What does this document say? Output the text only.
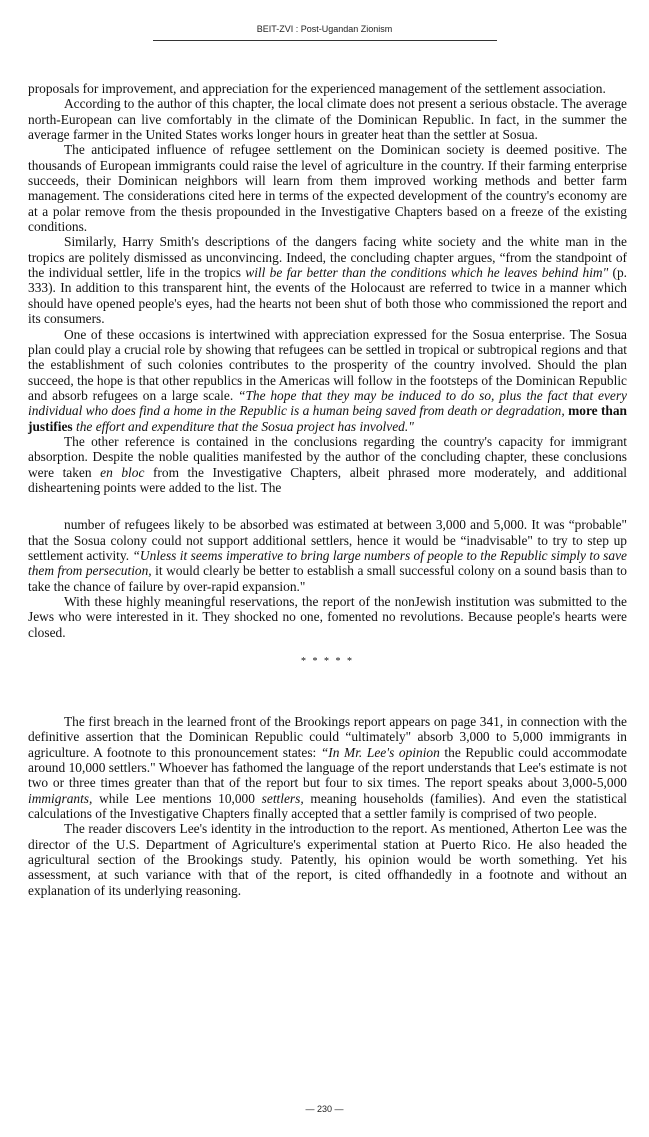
BEIT-ZVI : Post-Ugandan Zionism

proposals for improvement, and appreciation for the experienced management of the settlement association.

According to the author of this chapter, the local climate does not present a serious obstacle. The average north-European can live comfortably in the climate of the Dominican Republic. In fact, in the summer the average farmer in the United States works longer hours in greater heat than the settler at Sosua.

The anticipated influence of refugee settlement on the Dominican society is deemed positive. The thousands of European immigrants could raise the level of agriculture in the country. If their farming enterprise succeeds, their Dominican neighbors will learn from them improved working methods and better farm management. The considerations cited here in terms of the expected development of the country's economy are at a polar remove from the thesis propounded in the Investigative Chapters based on a freeze of the existing conditions.

Similarly, Harry Smith's descriptions of the dangers facing white society and the white man in the tropics are politely dismissed as unconvincing. Indeed, the concluding chapter argues, “from the standpoint of the individual settler, life in the tropics will be far better than the conditions which he leaves behind him" (p. 333). In addition to this transparent hint, the events of the Holocaust are referred to twice in a manner which should have opened people's eyes, had the hearts not been shut of both those who commissioned the report and its consumers.

One of these occasions is intertwined with appreciation expressed for the Sosua enterprise. The Sosua plan could play a crucial role by showing that refugees can be settled in tropical or subtropical regions and that the establishment of such colonies contributes to the prosperity of the country involved. Should the plan succeed, the hope is that other republics in the Americas will follow in the footsteps of the Dominican Republic and absorb refugees on a large scale. “The hope that they may be induced to do so, plus the fact that every individual who does find a home in the Republic is a human being saved from death or degradation, more than justifies the effort and expenditure that the Sosua project has involved."

The other reference is contained in the conclusions regarding the country's capacity for immigrant absorption. Despite the noble qualities manifested by the author of the concluding chapter, these conclusions were taken en bloc from the Investigative Chapters, albeit phrased more moderately, and additional disheartening points were added to the list. The

number of refugees likely to be absorbed was estimated at between 3,000 and 5,000. It was “probable" that the Sosua colony could not support additional settlers, hence it would be “inadvisable" to try to step up settlement activity. “Unless it seems imperative to bring large numbers of people to the Republic simply to save them from persecution, it would clearly be better to establish a small successful colony on a sound basis than to take the chance of failure by over-rapid expansion."

With these highly meaningful reservations, the report of the nonJewish institution was submitted to the Jews who were interested in it. They shocked no one, fomented no revolutions. Because people's hearts were closed.

* * * * *

The first breach in the learned front of the Brookings report appears on page 341, in connection with the definitive assertion that the Dominican Republic could “ultimately" absorb 3,000 to 5,000 immigrants in agriculture. A footnote to this pronouncement states: “In Mr. Lee's opinion the Republic could accommodate around 10,000 settlers." Whoever has fathomed the language of the report understands that Lee's estimate is not two or three times greater than that of the report but four to six times. The report speaks about 3,000-5,000 immigrants, while Lee mentions 10,000 settlers, meaning households (families). And even the statistical calculations of the Investigative Chapters finally accepted that a settler family is comprised of two people.

The reader discovers Lee's identity in the introduction to the report. As mentioned, Atherton Lee was the director of the U.S. Department of Agriculture's experimental station at Puerto Rico. He also headed the agricultural section of the Brookings study. Patently, his opinion would be worth something. Yet his assessment, at such variance with that of the report, is cited offhandedly in a footnote and without an explanation of its underlying reasoning.

— 230 —
